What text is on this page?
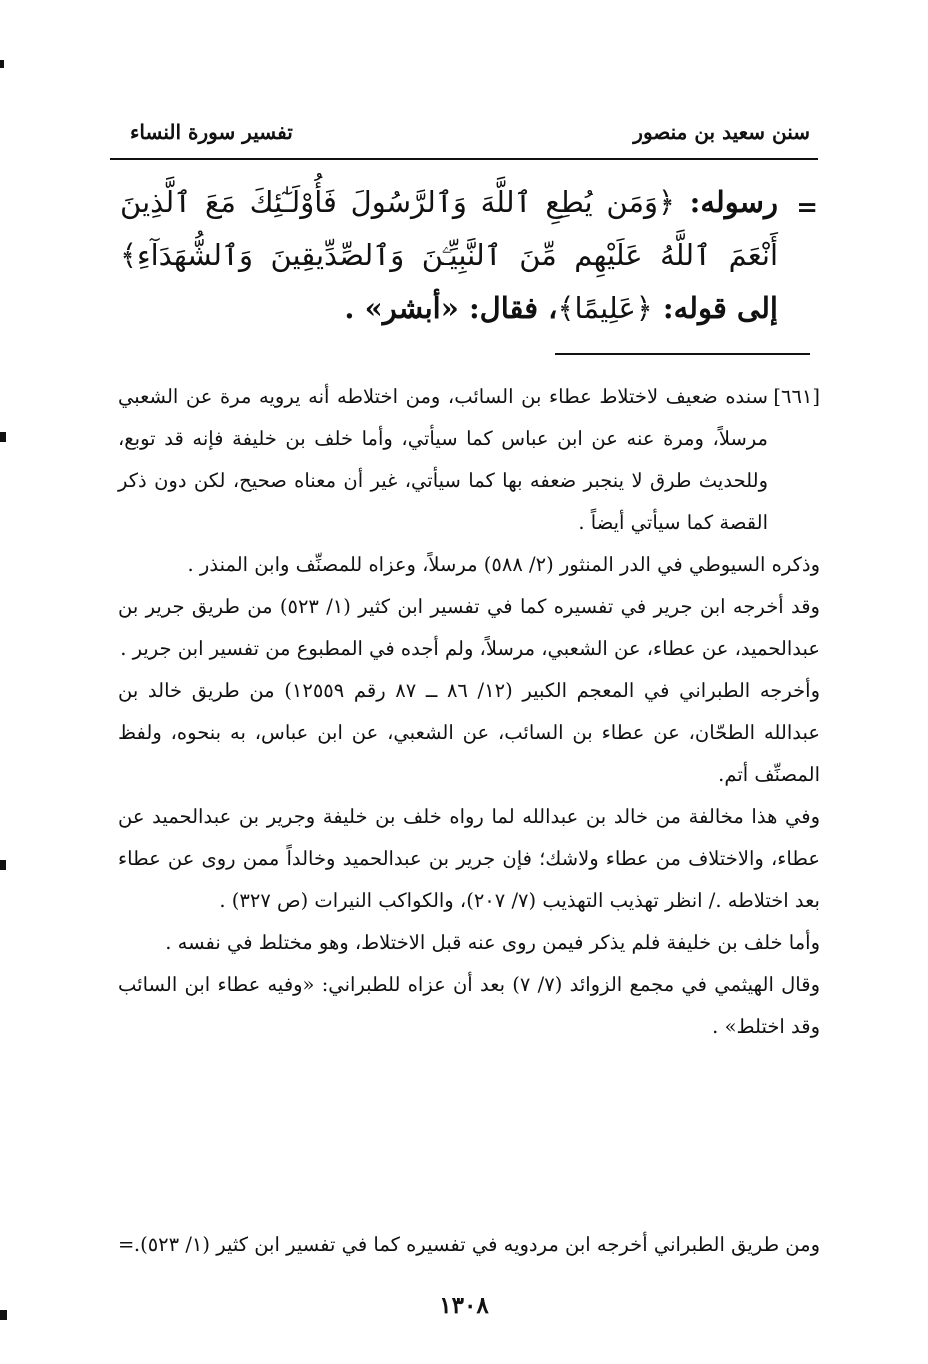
سنن سعيد بن منصور
تفسير سورة النساء
=
رسوله: ﴿وَمَن يُطِعِ ٱللَّهَ وَٱلرَّسُولَ فَأُوْلَـٰٓئِكَ مَعَ ٱلَّذِينَ أَنْعَمَ ٱللَّهُ عَلَيْهِم مِّنَ ٱلنَّبِيِّـۧنَ وَٱلصِّدِّيقِينَ وَٱلشُّهَدَآءِ﴾ إلى قوله: ﴿عَلِيمًا﴾، فقال: «أبشر» .
[٦٦١]
سنده ضعيف لاختلاط عطاء بن السائب، ومن اختلاطه أنه يرويه مرة عن الشعبي مرسلاً، ومرة عنه عن ابن عباس كما سيأتي، وأما خلف بن خليفة فإنه قد توبع، وللحديث طرق لا ينجبر ضعفه بها كما سيأتي، غير أن معناه صحيح، لكن دون ذكر القصة كما سيأتي أيضاً .
وذكره السيوطي في الدر المنثور (٢/ ٥٨٨) مرسلاً، وعزاه للمصنِّف وابن المنذر .
وقد أخرجه ابن جرير في تفسيره كما في تفسير ابن كثير (١/ ٥٢٣) من طريق جرير بن عبدالحميد، عن عطاء، عن الشعبي، مرسلاً، ولم أجده في المطبوع من تفسير ابن جرير .
وأخرجه الطبراني في المعجم الكبير (١٢/ ٨٦ ــ ٨٧ رقم ١٢٥٥٩) من طريق خالد بن عبدالله الطحّان، عن عطاء بن السائب، عن الشعبي، عن ابن عباس، به بنحوه، ولفظ المصنِّف أتم.
وفي هذا مخالفة من خالد بن عبدالله لما رواه خلف بن خليفة وجرير بن عبدالحميد عن عطاء، والاختلاف من عطاء ولاشك؛ فإن جرير بن عبدالحميد وخالداً ممن روى عن عطاء بعد اختلاطه ./ انظر تهذيب التهذيب (٧/ ٢٠٧)، والكواكب النيرات (ص ٣٢٧) .
وأما خلف بن خليفة فلم يذكر فيمن روى عنه قبل الاختلاط، وهو مختلط في نفسه .
وقال الهيثمي في مجمع الزوائد (٧/ ٧) بعد أن عزاه للطبراني: «وفيه عطاء ابن السائب وقد اختلط» .
ومن طريق الطبراني أخرجه ابن مردويه في تفسيره كما في تفسير ابن كثير (١/ ٥٢٣).
=
١٣٠٨
